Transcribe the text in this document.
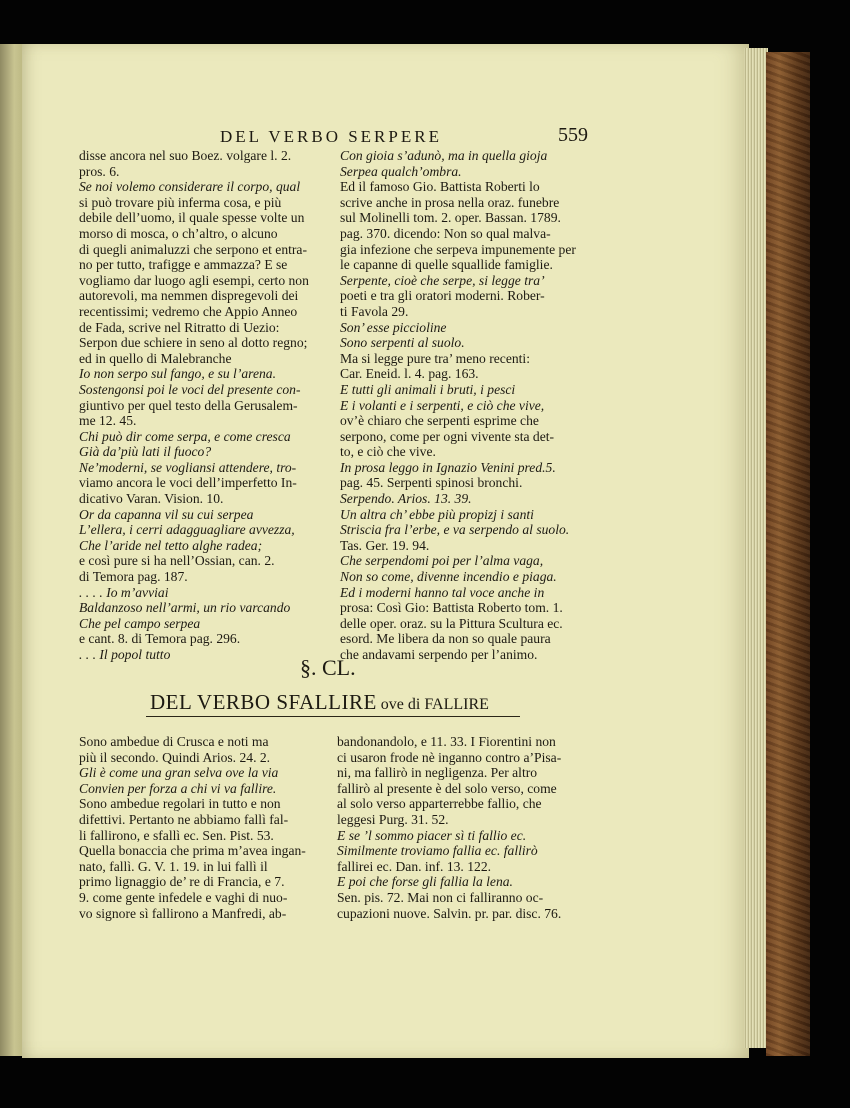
DEL VERBO SERPERE	559
disse ancora nel suo Boez. volgare l. 2.
pros. 6.
Se noi volemo considerare il corpo, qual
si può trovare più inferma cosa, e più
debile dell’uomo, il quale spesse volte un
morso di mosca, o ch’altro, o alcuno
di quegli animaluzzi che serpono et entra-
no per tutto, trafigge e ammazza? E se
vogliamo dar luogo agli esempi, certo non
autorevoli, ma nemmen dispregevoli dei
recentissimi; vedremo che Appio Anneo
de Fada, scrive nel Ritratto di Uezio:
Serpon due schiere in seno al dotto regno;
ed in quello di Malebranche
Io non serpo sul fango, e su l’arena.
Sostengonsi poi le voci del presente con-
giuntivo per quel testo della Gerusalem-
me 12. 45.
Chi può dir come serpa, e come cresca
Già da’più lati il fuoco?
Ne’moderni, se vogliansi attendere, tro-
viamo ancora le voci dell’imperfetto In-
dicativo Varan. Vision. 10.
Or da capanna vil su cui serpea
L’ellera, i cerri adagguagliare avvezza,
Che l’aride nel tetto alghe radea;
e così pure si ha nell’Ossian, can. 2.
di Temora pag. 187.
. . . . Io m’avviai
Baldanzoso nell’armi, un rio varcando
Che pel campo serpea
e cant. 8. di Temora pag. 296.
. . . Il popol tutto
Con gioia s’adunò, ma in quella gioja
Serpea qualch’ombra.
Ed il famoso Gio. Battista Roberti lo
scrive anche in prosa nella oraz. funebre
sul Molinelli tom. 2. oper. Bassan. 1789.
pag. 370. dicendo: Non so qual malva-
gia infezione che serpeva impunemente per
le capanne di quelle squallide famiglie.
Serpente, cioè che serpe, si legge tra’
poeti e tra gli oratori moderni. Rober-
ti Favola 29.
Son’ esse piccioline
Sono serpenti al suolo.
Ma si legge pure tra’ meno recenti:
Car. Eneid. l. 4. pag. 163.
E tutti gli animali i bruti, i pesci
E i volanti e i serpenti, e ciò che vive,
ov’è chiaro che serpenti esprime che
serpono, come per ogni vivente sta det-
to, e ciò che vive.
In prosa leggo in Ignazio Venini pred.5.
pag. 45. Serpenti spinosi bronchi.
Serpendo. Arios. 13. 39.
Un altra ch’ ebbe più propizj i santi
Striscia fra l’erbe, e va serpendo al suolo.
Tas. Ger. 19. 94.
Che serpendomi poi per l’alma vaga,
Non so come, divenne incendio e piaga.
Ed i moderni hanno tal voce anche in
prosa: Così Gio: Battista Roberto tom. 1.
delle oper. oraz. su la Pittura Scultura ec.
esord. Me libera da non so quale paura
che andavami serpendo per l’animo.
§. CL.
DEL VERBO SFALLIRE ove di FALLIRE
Sono ambedue di Crusca e noti ma
più il secondo. Quindi Arios. 24. 2.
Gli è come una gran selva ove la via
Convien per forza a chi vi va fallire.
Sono ambedue regolari in tutto e non
difettivi. Pertanto ne abbiamo fallì fal-
li fallirono, e sfallì ec. Sen. Pist. 53.
Quella bonaccia che prima m’avea ingan-
nato, fallì. G. V. 1. 19. in lui fallì il
primo lignaggio de’ re di Francia, e 7.
9. come gente infedele e vaghi di nuo-
vo signore sì fallirono a Manfredi, ab-
bandonandolo, e 11. 33. I Fiorentini non
ci usaron frode nè inganno contro a’Pisa-
ni, ma fallirò in negligenza. Per altro
fallirò al presente è del solo verso, come
al solo verso apparterrebbe fallio, che
leggesi Purg. 31. 52.
E se ’l sommo piacer sì ti fallio ec.
Similmente troviamo fallia ec. fallirò
fallirei ec. Dan. inf. 13. 122.
E poi che forse gli fallia la lena.
Sen. pis. 72. Mai non ci falliranno oc-
cupazioni nuove. Salvin. pr. par. disc. 76.
